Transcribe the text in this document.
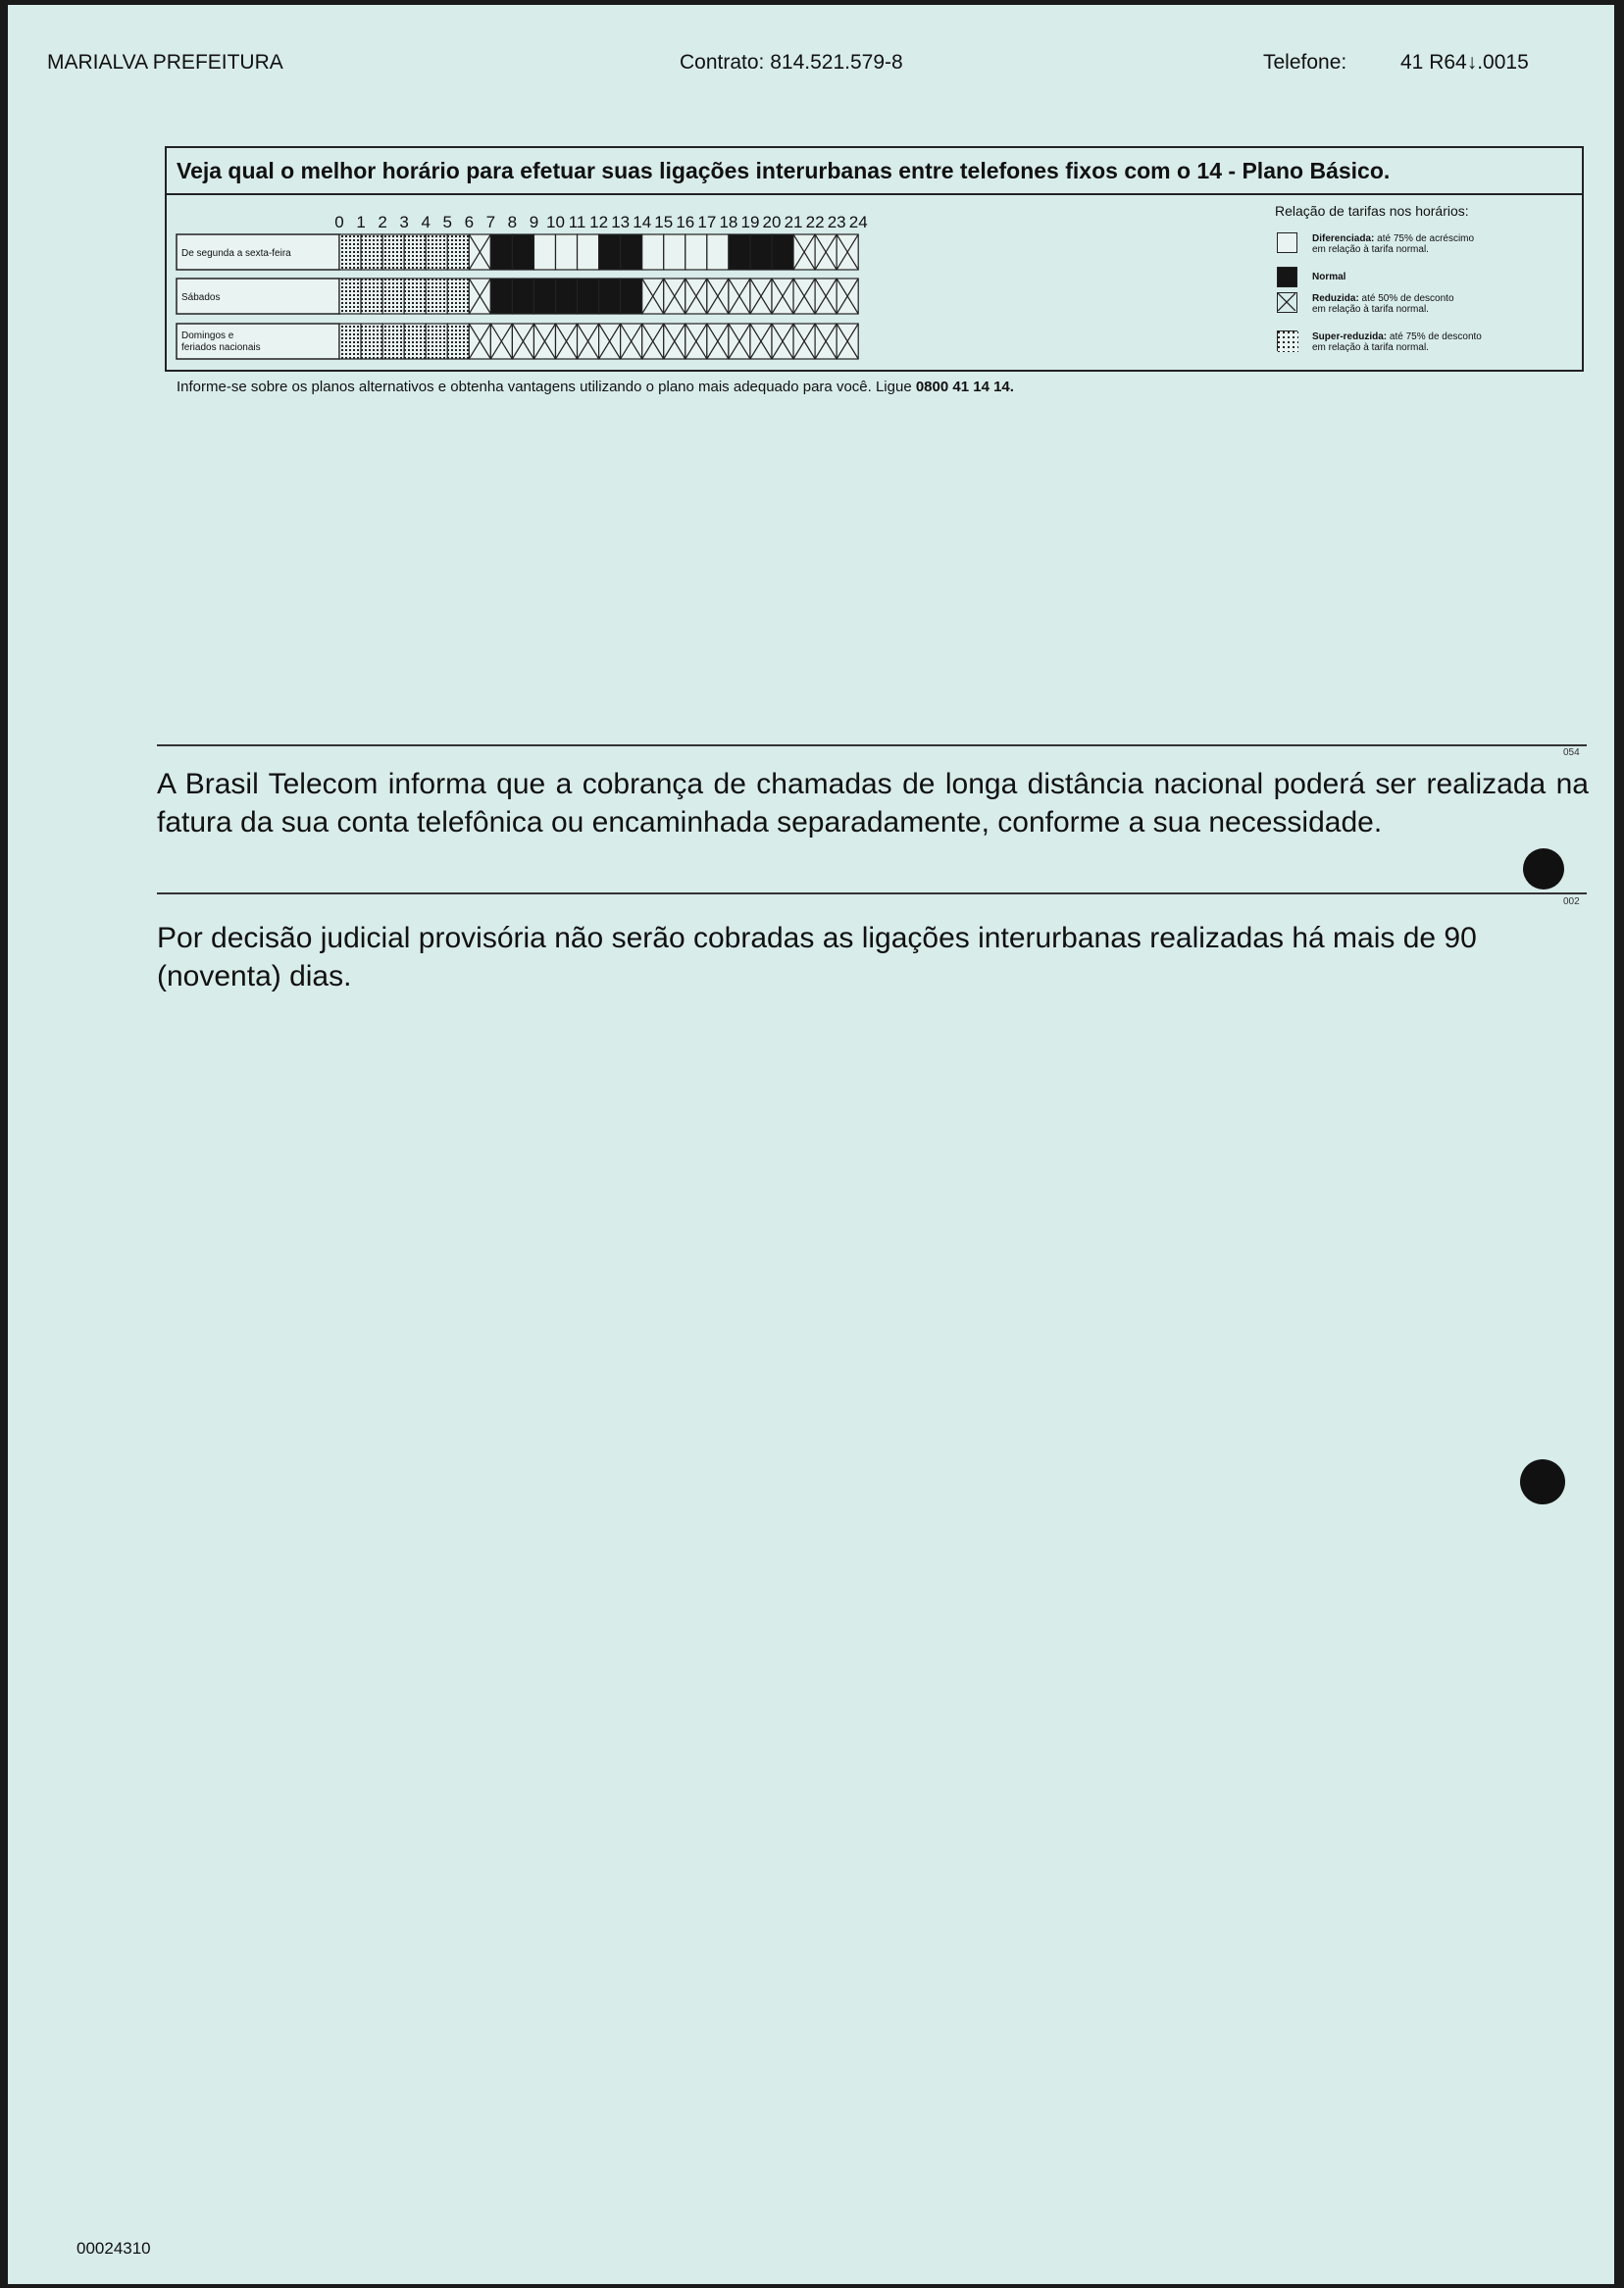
MARIALVA PREFEITURA	Contrato: 814.521.579-8	Telefone:	41 R64↓.0015
Veja qual o melhor horário para efetuar suas ligações interurbanas entre telefones fixos com o 14 - Plano Básico.
0 1 2 3 4 5 6 7 8 9 10 11 12 13 14 15 16 17 18 19 20 21 22 23 24
De segunda a sexta-feira
Sábados
Domingos e feriados nacionais
Relação de tarifas nos horários:
Diferenciada: até 75% de acréscimo
em relação à tarifa normal.
Normal
Reduzida: até 50% de desconto
em relação à tarifa normal.
Super-reduzida: até 75% de desconto
em relação à tarifa normal.
Informe-se sobre os planos alternativos e obtenha vantagens utilizando o plano mais adequado para você. Ligue 0800 41 14 14.
054
A Brasil Telecom informa que a cobrança de chamadas de longa distância nacional poderá ser realizada na fatura da sua conta telefônica ou encaminhada separadamente, conforme a sua necessidade.
002
Por decisão judicial provisória não serão cobradas as ligações interurbanas realizadas há mais de 90 (noventa) dias.
00024310
